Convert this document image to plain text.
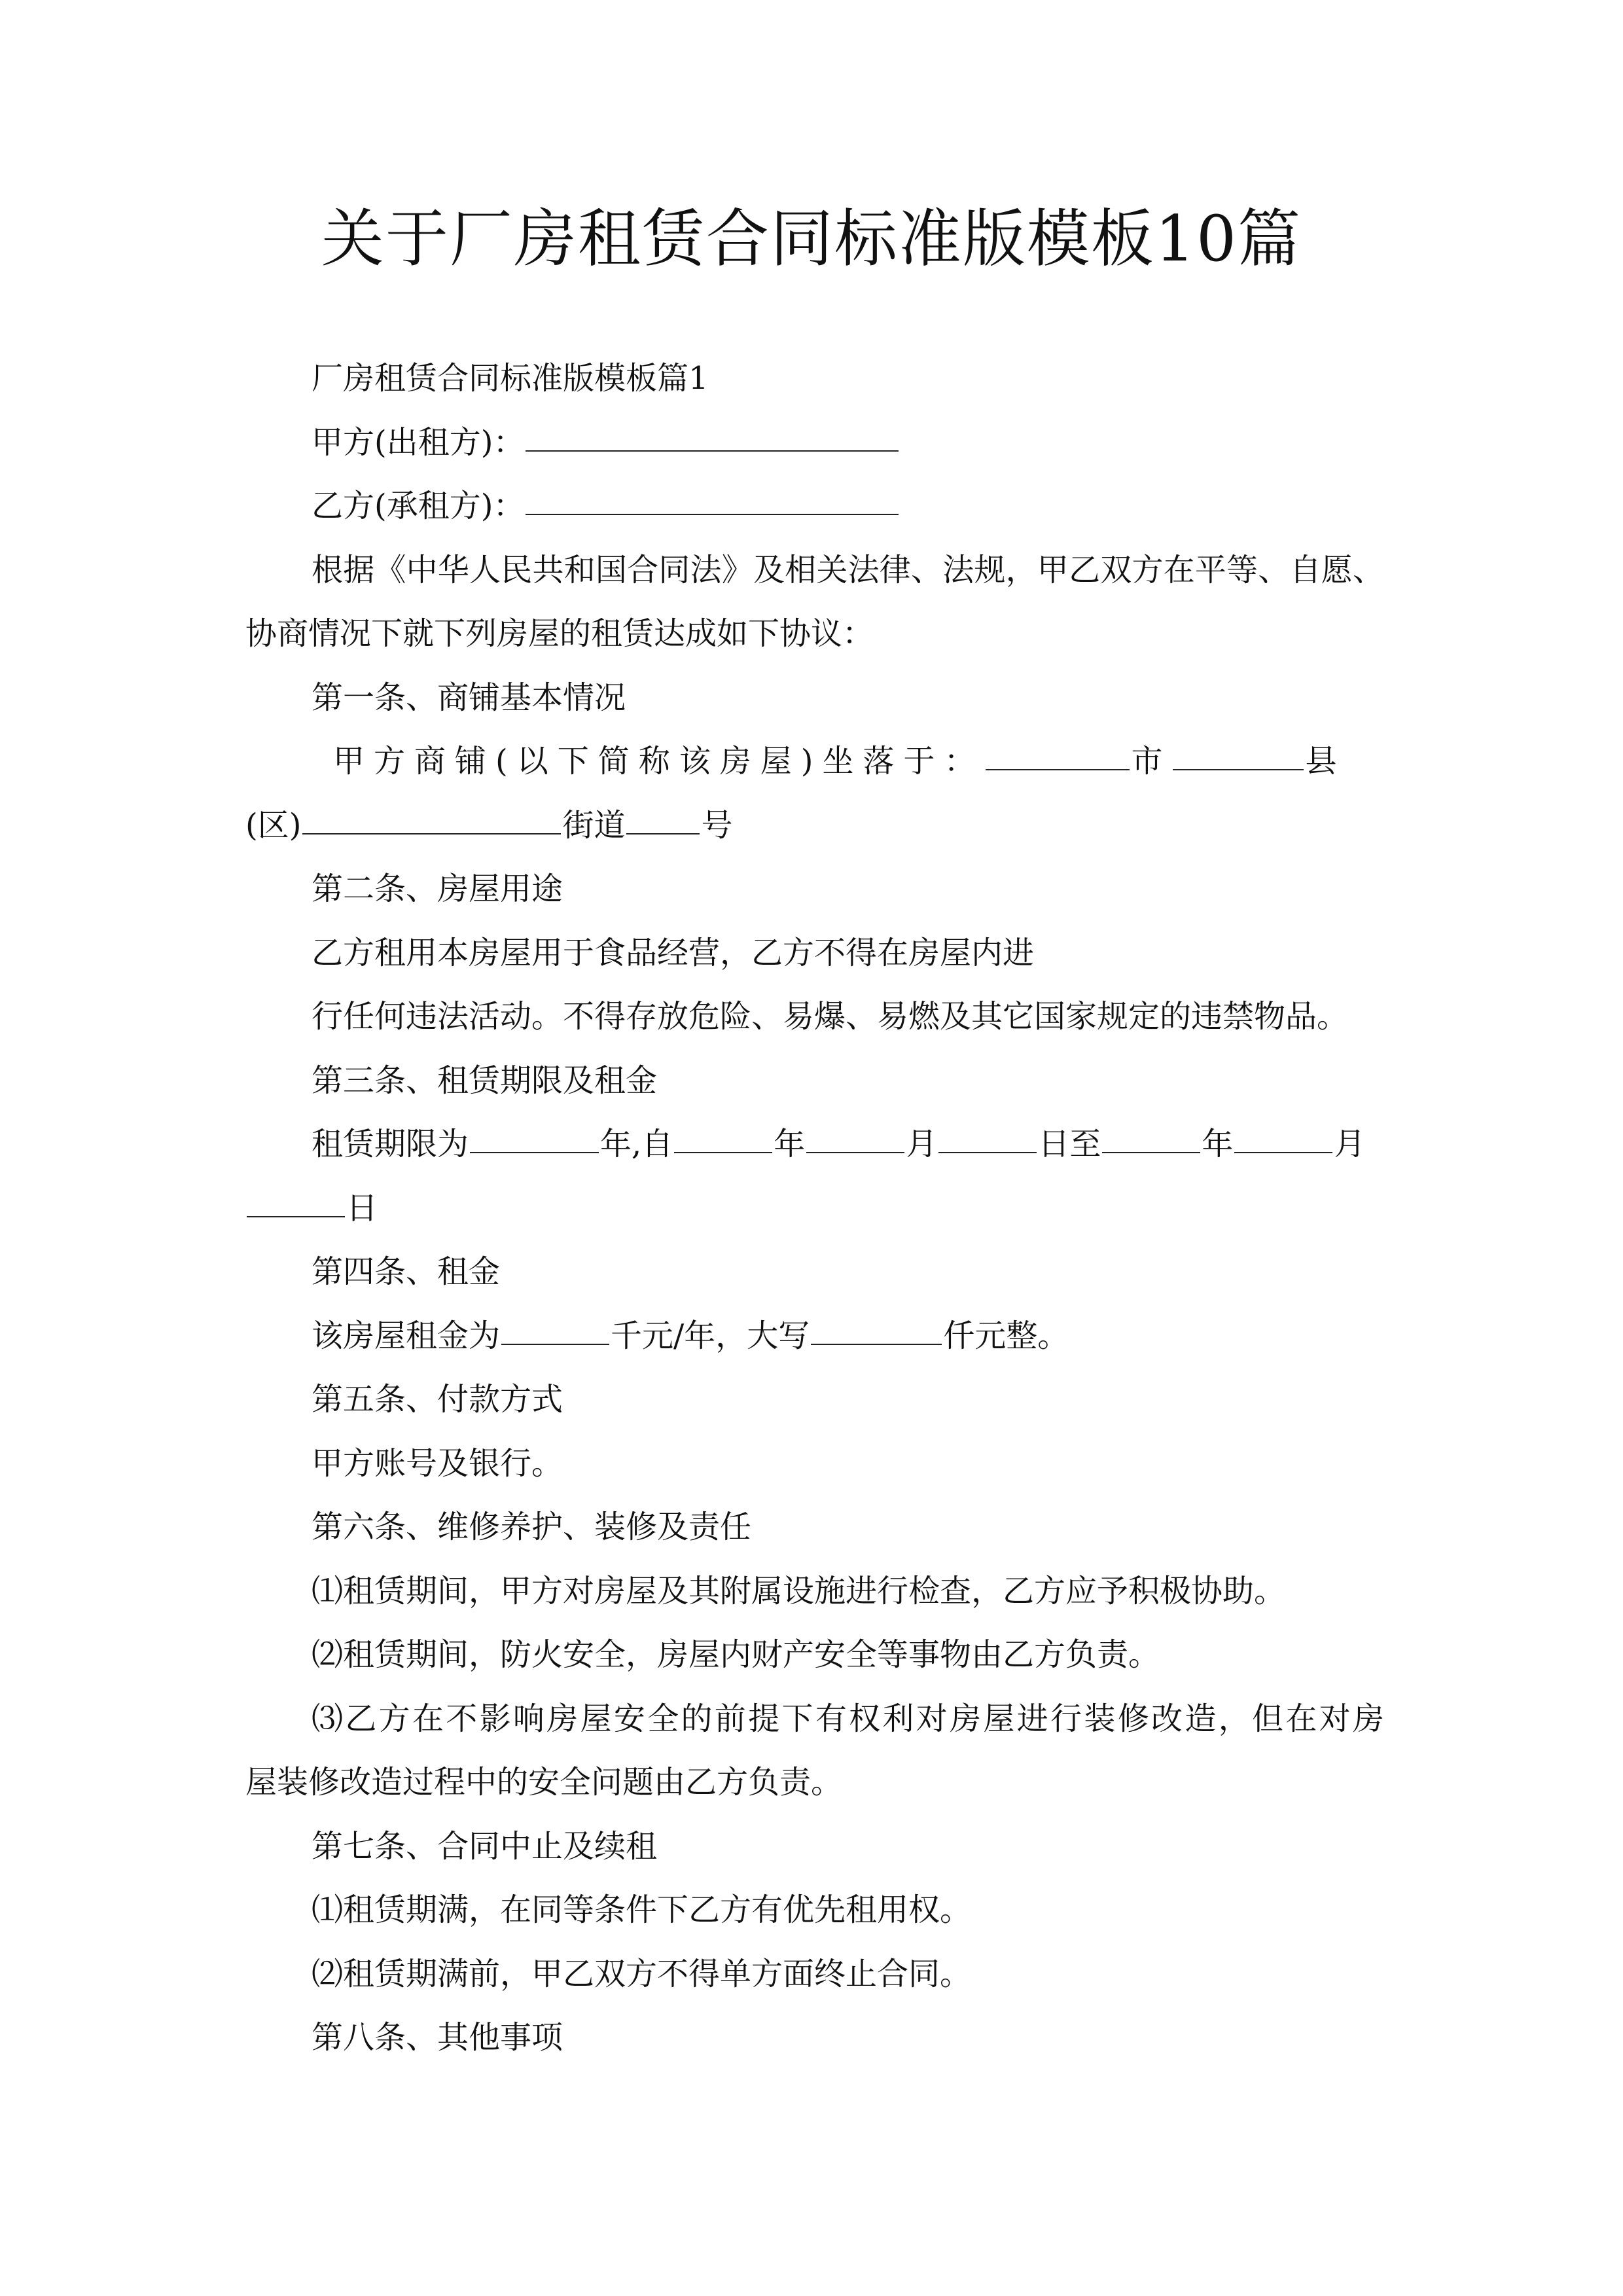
关于厂房租赁合同标准版模板10篇
厂房租赁合同标准版模板篇1
甲方(出租方)：
乙方(承租方)：
根据《中华人民共和国合同法》及相关法律、法规，甲乙双方在平等、自愿、
协商情况下就下列房屋的租赁达成如下协议：
第一条、商铺基本情况
甲方商铺(以下简称该房屋)坐落于：	市	县
(区)	街道 号
第二条、房屋用途
乙方租用本房屋用于食品经营，乙方不得在房屋内进
行任何违法活动。不得存放危险、易爆、易燃及其它国家规定的违禁物品。
第三条、租赁期限及租金
租赁期限为	年,自	年	月	日至	年	月
日
第四条、租金
该房屋租金为	千元/年，大写	仟元整。
第五条、付款方式
甲方账号及银行。
第六条、维修养护、装修及责任
⑴租赁期间，甲方对房屋及其附属设施进行检查，乙方应予积极协助。
⑵租赁期间，防火安全，房屋内财产安全等事物由乙方负责。
⑶乙方在不影响房屋安全的前提下有权利对房屋进行装修改造，但在对房
屋装修改造过程中的安全问题由乙方负责。
第七条、合同中止及续租
⑴租赁期满，在同等条件下乙方有优先租用权。
⑵租赁期满前，甲乙双方不得单方面终止合同。
第八条、其他事项
